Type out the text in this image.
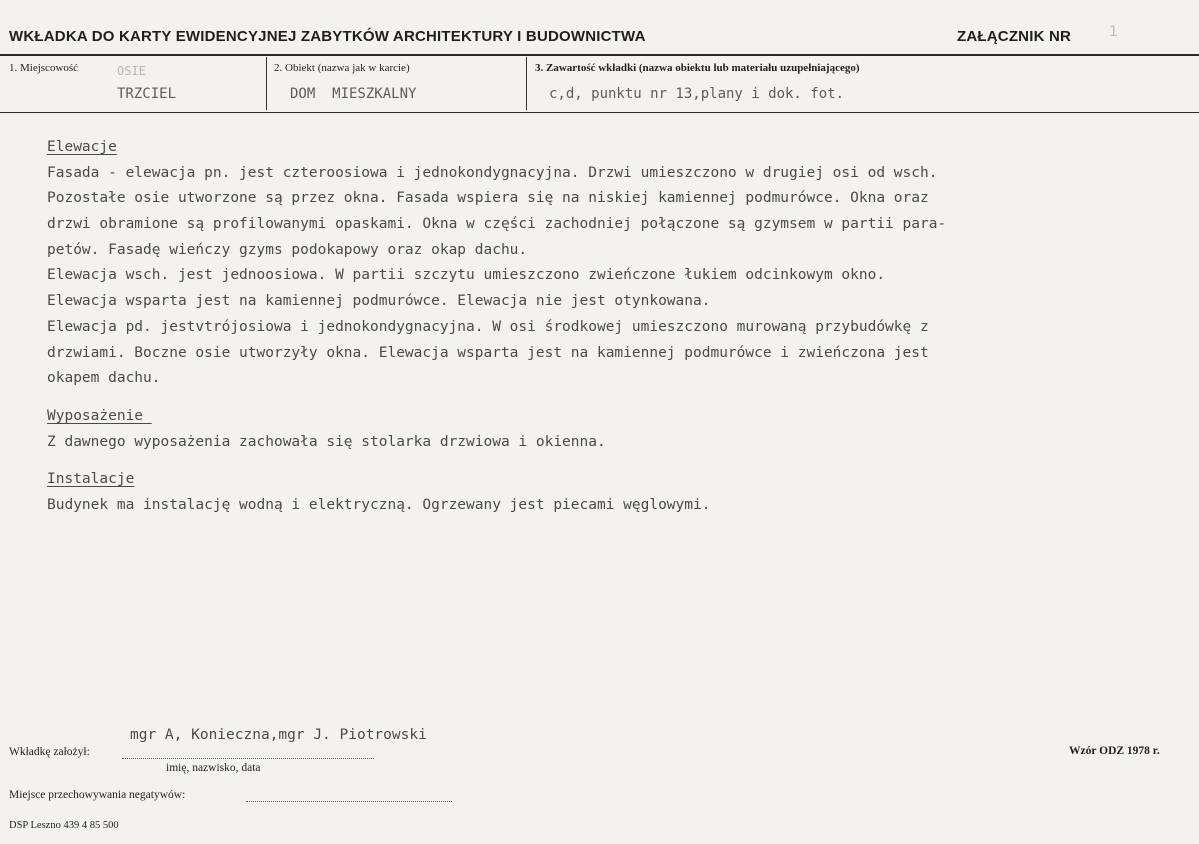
WKŁADKA DO KARTY EWIDENCYJNEJ ZABYTKÓW ARCHITEKTURY I BUDOWNICTWA	ZAŁĄCZNIK NR	1
1. Miejscowość
TRZCIEL
2. Obiekt (nazwa jak w karcie)
DOM  MIESZKALNY
3. Zawartość wkładki (nazwa obiektu lub materiału uzupełniającego)
c,d, punktu nr 13,plany i dok. fot.
OSIE
Elewacje
Fasada - elewacja pn. jest czteroosiowa i jednokondygnacyjna. Drzwi umieszczono w drugiej osi od wsch.
Pozostałe osie utworzone są przez okna. Fasada wspiera się na niskiej kamiennej podmurówce. Okna oraz
drzwi obramione są profilowanymi opaskami. Okna w części zachodniej połączone są gzymsem w partii para-
petów. Fasadę wieńczy gzyms podokapowy oraz okap dachu.
Elewacja wsch. jest jednoosiowa. W partii szczytu umieszczono zwieńczone łukiem odcinkowym okno.
Elewacja wsparta jest na kamiennej podmurówce. Elewacja nie jest otynkowana.
Elewacja pd. jestvtrójosiowa i jednokondygnacyjna. W osi środkowej umieszczono murowaną przybudówkę z
drzwiami. Boczne osie utworzyły okna. Elewacja wsparta jest na kamiennej podmurówce i zwieńczona jest
okapem dachu.
Wyposażenie
Z dawnego wyposażenia zachowała się stolarka drzwiowa i okienna.
Instalacje
Budynek ma instalację wodną i elektryczną. Ogrzewany jest piecami węglowymi.
mgr A, Konieczna,mgr J. Piotrowski
Wkładkę założył:
imię, nazwisko, data
Wzór ODZ 1978 r.
Miejsce przechowywania negatywów:
DSP Leszno 439 4 85 500
